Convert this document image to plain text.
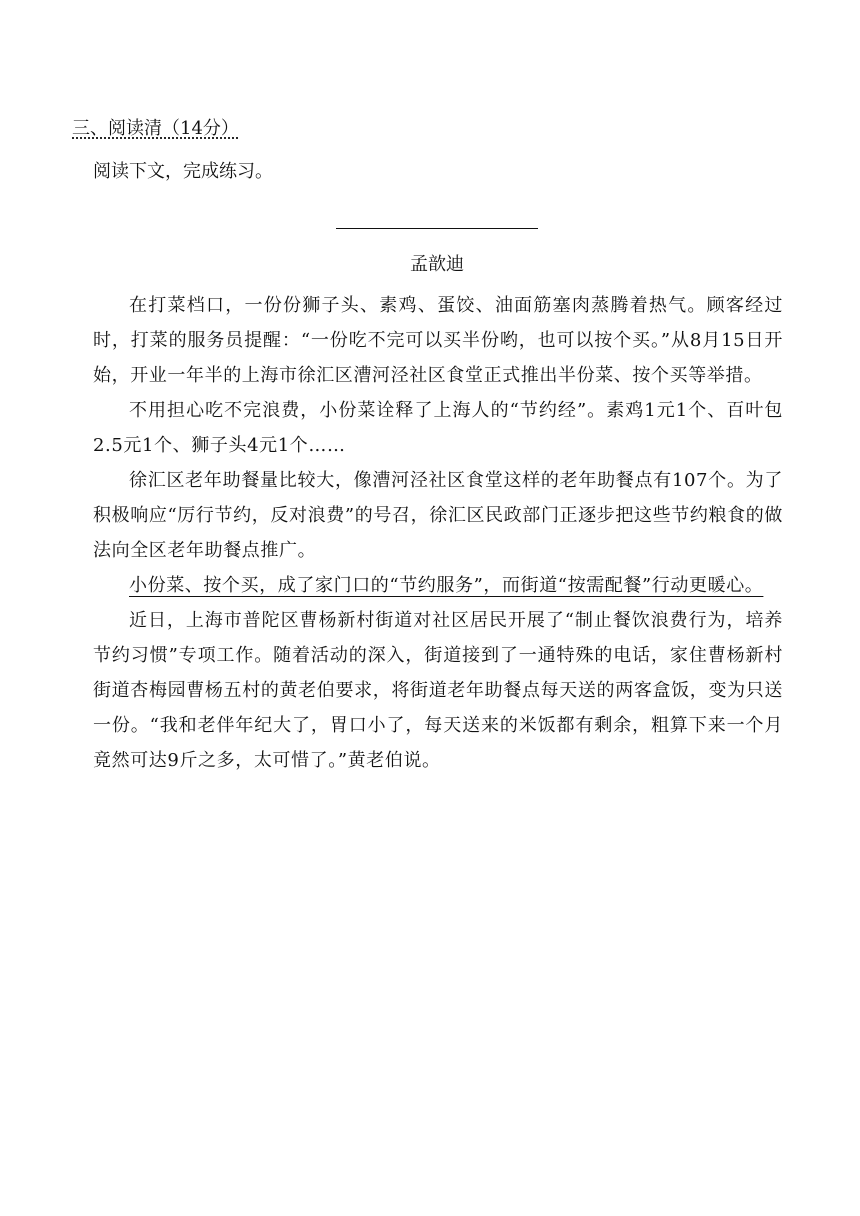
三、阅读清（14分）
阅读下文，完成练习。
孟歆迪

在打菜档口，一份份狮子头、素鸡、蛋饺、油面筋塞肉蒸腾着热气。顾客经过时，打菜的服务员提醒：“一份吃不完可以买半份哟，也可以按个买。”从8月15日开始，开业一年半的上海市徐汇区漕河泾社区食堂正式推出半份菜、按个买等举措。

不用担心吃不完浪费，小份菜诠释了上海人的“节约经”。素鸡1元1个、百叶包2.5元1个、狮子头4元1个……

徐汇区老年助餐量比较大，像漕河泾社区食堂这样的老年助餐点有107个。为了积极响应“厉行节约，反对浪费”的号召，徐汇区民政部门正逐步把这些节约粮食的做法向全区老年助餐点推广。

小份菜、按个买，成了家门口的“节约服务”，而街道“按需配餐”行动更暖心。

近日，上海市普陀区曹杨新村街道对社区居民开展了“制止餐饮浪费行为，培养节约习惯”专项工作。随着活动的深入，街道接到了一通特殊的电话，家住曹杨新村街道杏梅园曹杨五村的黄老伯要求，将街道老年助餐点每天送的两客盒饭，变为只送一份。“我和老伴年纪大了，胃口小了，每天送来的米饭都有剩余，粗算下来一个月竟然可达9斤之多，太可惜了。”黄老伯说。
